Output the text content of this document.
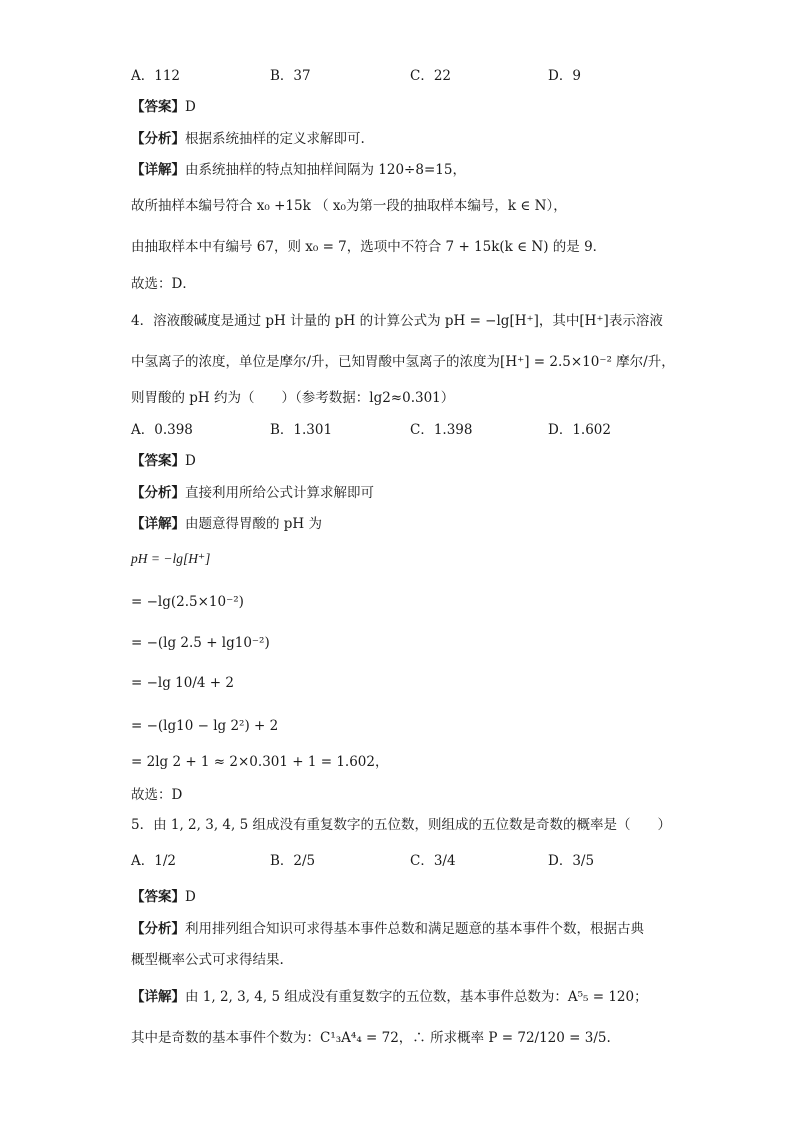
A．112	B．37	C．22	D．9
【答案】D
【分析】根据系统抽样的定义求解即可.
【详解】由系统抽样的特点知抽样间隔为 120÷8=15，
故所抽样本编号符合 x₀ +15k （ x₀为第一段的抽取样本编号，k ∈ N），
由抽取样本中有编号 67，则 x₀ = 7，选项中不符合 7 + 15k(k ∈ N) 的是 9．
故选：D．
4．溶液酸碱度是通过 pH 计量的 pH 的计算公式为 pH = −lg[H⁺]，其中[H⁺]表示溶液
中氢离子的浓度，单位是摩尔/升，已知胃酸中氢离子的浓度为[H⁺] = 2.5×10⁻² 摩尔/升，
则胃酸的 pH 约为（　　）（参考数据：lg2≈0.301）
A．0.398	B．1.301	C．1.398	D．1.602
【答案】D
【分析】直接利用所给公式计算求解即可
【详解】由题意得胃酸的 pH 为
pH = −lg[H⁺]
= −lg(2.5×10⁻²)
= −(lg 2.5 + lg10⁻²)
= −lg 10/4 + 2
= −(lg10 − lg 2²) + 2
= 2lg 2 + 1 ≈ 2×0.301 + 1 = 1.602，
故选：D
5．由 1, 2, 3, 4, 5 组成没有重复数字的五位数，则组成的五位数是奇数的概率是（　　）
A．1/2	B．2/5	C．3/4	D．3/5
【答案】D
【分析】利用排列组合知识可求得基本事件总数和满足题意的基本事件个数，根据古典
概型概率公式可求得结果.
【详解】由 1, 2, 3, 4, 5 组成没有重复数字的五位数，基本事件总数为：A⁵₅ = 120；
其中是奇数的基本事件个数为：C¹₃A⁴₄ = 72，∴ 所求概率 P = 72/120 = 3/5.
